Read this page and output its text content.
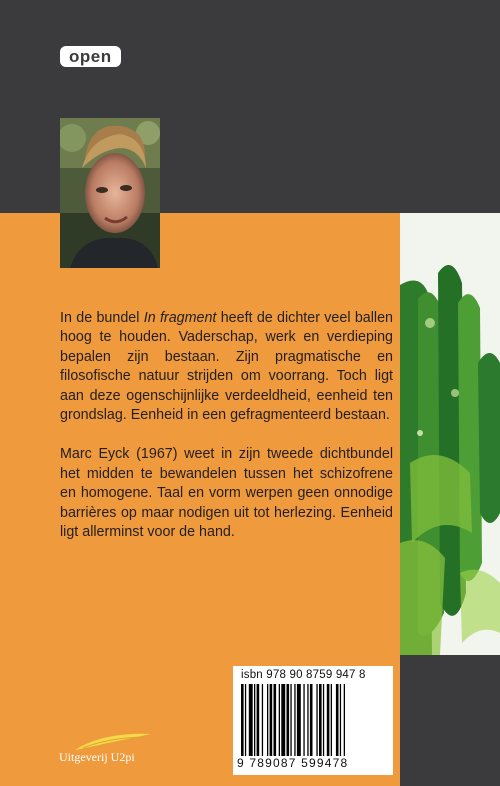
open

In de bundel In fragment heeft de dichter veel ballen hoog te houden. Vaderschap, werk en verdieping bepalen zijn bestaan. Zijn pragmatische en filosofische natuur strijden om voorrang. Toch ligt aan deze ogenschijnlijke verdeeldheid, eenheid ten grondslag. Eenheid in een gefragmenteerd bestaan.

Marc Eyck (1967) weet in zijn tweede dichtbundel het midden te bewandelen tussen het schizofrene en homogene. Taal en vorm werpen geen onnodige barrières op maar nodigen uit tot herlezing. Eenheid ligt allerminst voor de hand.

Uitgeverij U2pi
isbn 978 90 8759 947 8
9 789087 599478
